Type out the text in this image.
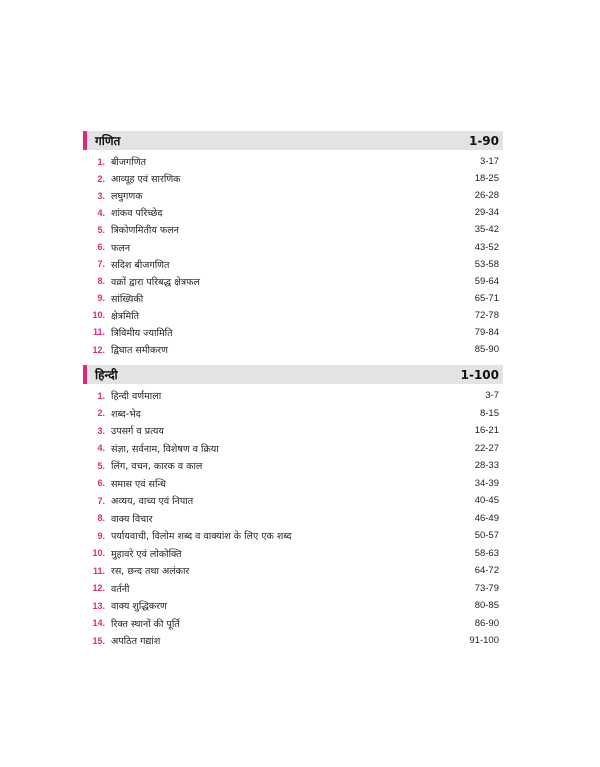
गणित	1-90
1. बीजगणित	3-17
2. आव्यूह एवं सारणिक	18-25
3. लघुगणक	26-28
4. शांकव परिच्छेद	29-34
5. त्रिकोणमितीय फलन	35-42
6. फलन	43-52
7. सदिश बीजगणित	53-58
8. वक्रों द्वारा परिबद्ध क्षेत्रफल	59-64
9. सांख्यिकी	65-71
10. क्षेत्रमिति	72-78
11. त्रिविमीय ज्यामिति	79-84
12. द्विघात समीकरण	85-90
हिन्दी	1-100
1. हिन्दी वर्णमाला	3-7
2. शब्द-भेद	8-15
3. उपसर्ग व प्रत्यय	16-21
4. संज्ञा, सर्वनाम, विशेषण व क्रिया	22-27
5. लिंग, वचन, कारक व काल	28-33
6. समास एवं सन्धि	34-39
7. अव्यय, वाच्य एवं निपात	40-45
8. वाक्य विचार	46-49
9. पर्यायवाची, विलोम शब्द व वाक्यांश के लिए एक शब्द	50-57
10. मुहावरे एवं लोकोक्ति	58-63
11. रस, छन्द तथा अलंकार	64-72
12. वर्तनी	73-79
13. वाक्य शुद्धिकरण	80-85
14. रिक्त स्थानों की पूर्ति	86-90
15. अपठित गद्यांश	91-100
